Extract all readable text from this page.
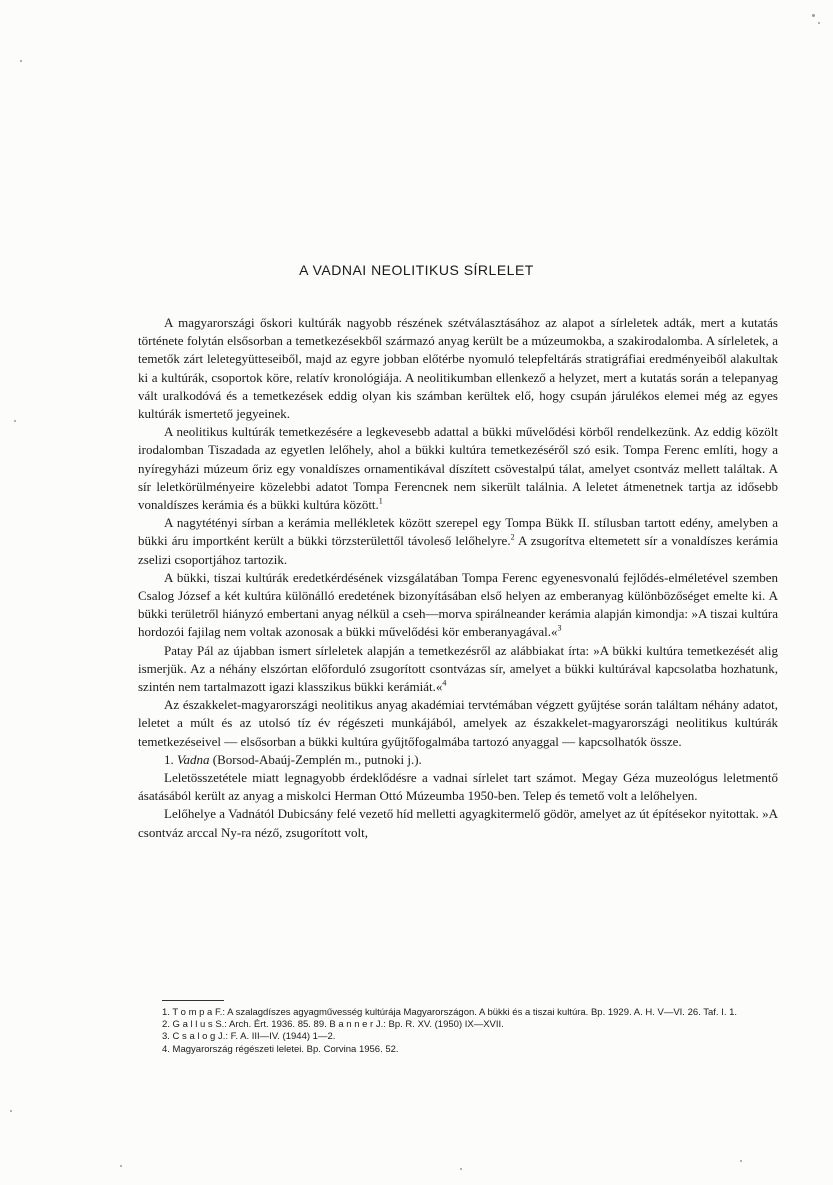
A VADNAI NEOLITIKUS SÍRLELET

A magyarországi őskori kultúrák nagyobb részének szétválasztásához az alapot a sírleletek adták, mert a kutatás története folytán elsősorban a temetkezésekből származó anyag került be a múzeumokba, a szakirodalomba. A sírleletek, a temetők zárt leletegyütteseiből, majd az egyre jobban előtérbe nyomuló telepfeltárás stratigráfiai eredményeiből alakultak ki a kultúrák, csoportok köre, relatív kronológiája. A neolitikumban ellenkező a helyzet, mert a kutatás során a telepanyag vált uralkodóvá és a temetkezések eddig olyan kis számban kerültek elő, hogy csupán járulékos elemei még az egyes kultúrák ismertető jegyeinek.

A neolitikus kultúrák temetkezésére a legkevesebb adattal a bükki művelődési körből rendelkezünk. Az eddig közölt irodalomban Tiszadada az egyetlen lelőhely, ahol a bükki kultúra temetkezéséről szó esik. Tompa Ferenc említi, hogy a nyíregyházi múzeum őriz egy vonaldíszes ornamentikával díszített csövestalpú tálat, amelyet csontváz mellett találtak. A sír leletkörülményeire közelebbi adatot Tompa Ferencnek nem sikerült találnia. A leletet átmenetnek tartja az idősebb vonaldíszes kerámia és a bükki kultúra között.$^1$

A nagytétényi sírban a kerámia mellékletek között szerepel egy Tompa Bükk II. stílusban tartott edény, amelyben a bükki áru importként került a bükki törzsterülettől távoleső lelőhelyre.$^2$ A zsugorítva eltemetett sír a vonaldíszes kerámia zselizi csoportjához tartozik.

A bükki, tiszai kultúrák eredetkérdésének vizsgálatában Tompa Ferenc egyenesvonalú fejlődés-elméletével szemben Csalog József a két kultúra különálló eredetének bizonyításában első helyen az emberanyag különbözőséget emelte ki. A bükki területről hiányzó embertani anyag nélkül a cseh—morva spirálneander kerámia alapján kimondja: »A tiszai kultúra hordozói fajilag nem voltak azonosak a bükki művelődési kör emberanyagával.«$^3$

Patay Pál az újabban ismert sírleletek alapján a temetkezésről az alábbiakat írta: »A bükki kultúra temetkezését alig ismerjük. Az a néhány elszórtan előforduló zsugorított csontvázas sír, amelyet a bükki kultúrával kapcsolatba hozhatunk, szintén nem tartalmazott igazi klasszikus bükki kerámiát.«$^4$

Az északkelet-magyarországi neolitikus anyag akadémiai tervtémában végzett gyűjtése során találtam néhány adatot, leletet a múlt és az utolsó tíz év régészeti munkájából, amelyek az északkelet-magyarországi neolitikus kultúrák temetkezéseivel — elsősorban a bükki kultúra gyűjtőfogalmába tartozó anyaggal — kapcsolhatók össze.

1. Vadna (Borsod-Abaúj-Zemplén m., putnoki j.).

Leletösszetétele miatt legnagyobb érdeklődésre a vadnai sírlelet tart számot. Megay Géza muzeológus leletmentő ásatásából került az anyag a miskolci Herman Ottó Múzeumba 1950-ben. Telep és temető volt a lelőhelyen.

Lelőhelye a Vadnától Dubicsány felé vezető híd melletti agyagkitermelő gödör, amelyet az út építésekor nyitottak. »A csontváz arccal Ny-ra néző, zsugorított volt,

1. T o m p a F.: A szalagdíszes agyagművesség kultúrája Magyarországon. A bükki és a tiszai kultúra. Bp. 1929. A. H. V—VI. 26. Taf. I. 1.

2. G a l l u s S.: Arch. Ért. 1936. 85. 89. B a n n e r J.: Bp. R. XV. (1950) IX—XVII.

3. C s a l o g J.: F. A. III—IV. (1944) 1—2.

4. Magyarország régészeti leletei. Bp. Corvina 1956. 52.
